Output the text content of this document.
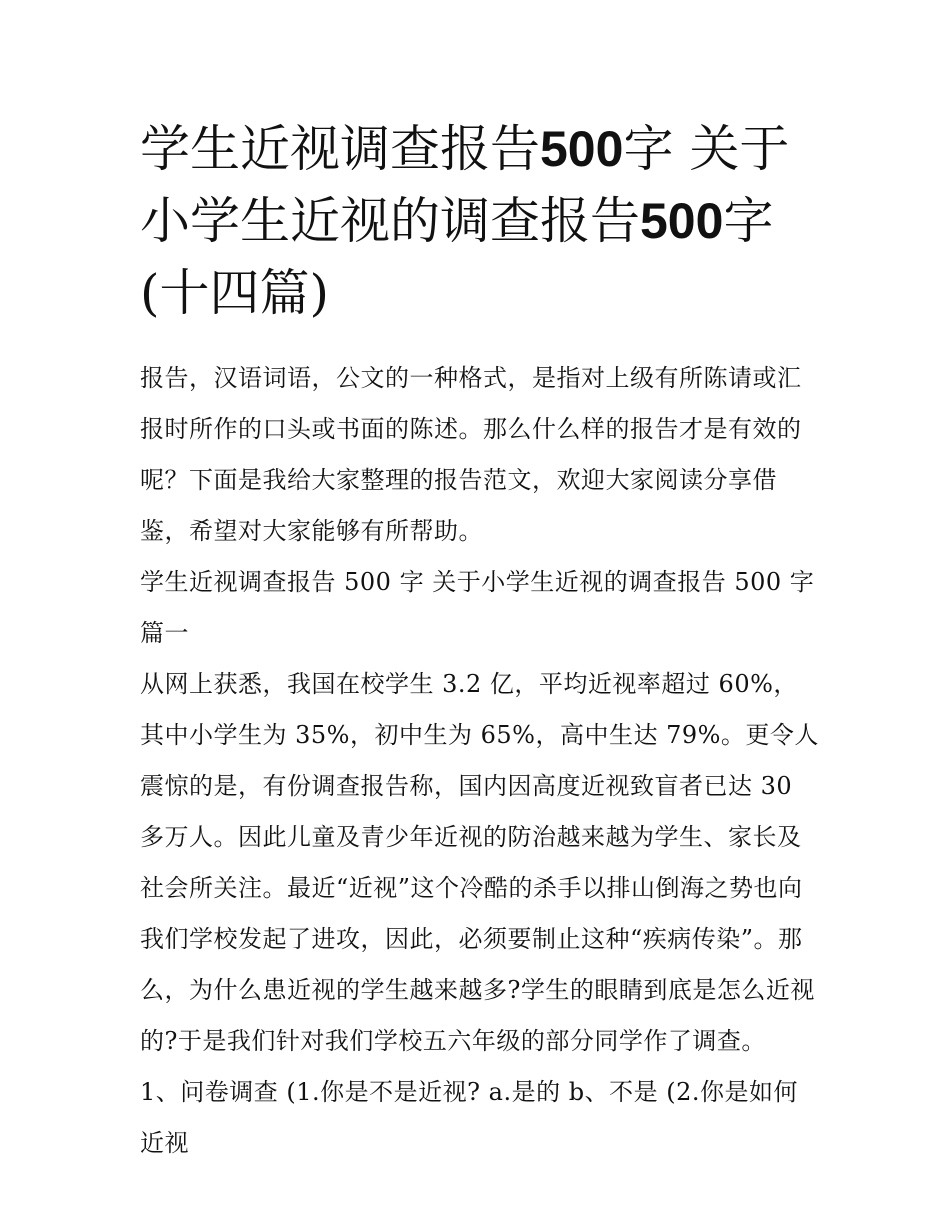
学生近视调查报告500字 关于小学生近视的调查报告500字(十四篇)

报告，汉语词语，公文的一种格式，是指对上级有所陈请或汇报时所作的口头或书面的陈述。那么什么样的报告才是有效的呢？下面是我给大家整理的报告范文，欢迎大家阅读分享借鉴，希望对大家能够有所帮助。

学生近视调查报告 500 字 关于小学生近视的调查报告 500 字篇一

从网上获悉，我国在校学生 3.2 亿，平均近视率超过 60%，其中小学生为 35%，初中生为 65%，高中生达 79%。更令人震惊的是，有份调查报告称，国内因高度近视致盲者已达 30 多万人。因此儿童及青少年近视的防治越来越为学生、家长及社会所关注。最近“近视”这个冷酷的杀手以排山倒海之势也向我们学校发起了进攻，因此，必须要制止这种“疾病传染”。那么，为什么患近视的学生越来越多?学生的眼睛到底是怎么近视的?于是我们针对我们学校五六年级的部分同学作了调查。

1、问卷调查 (1.你是不是近视? a.是的 b、不是 (2.你是如何近视
